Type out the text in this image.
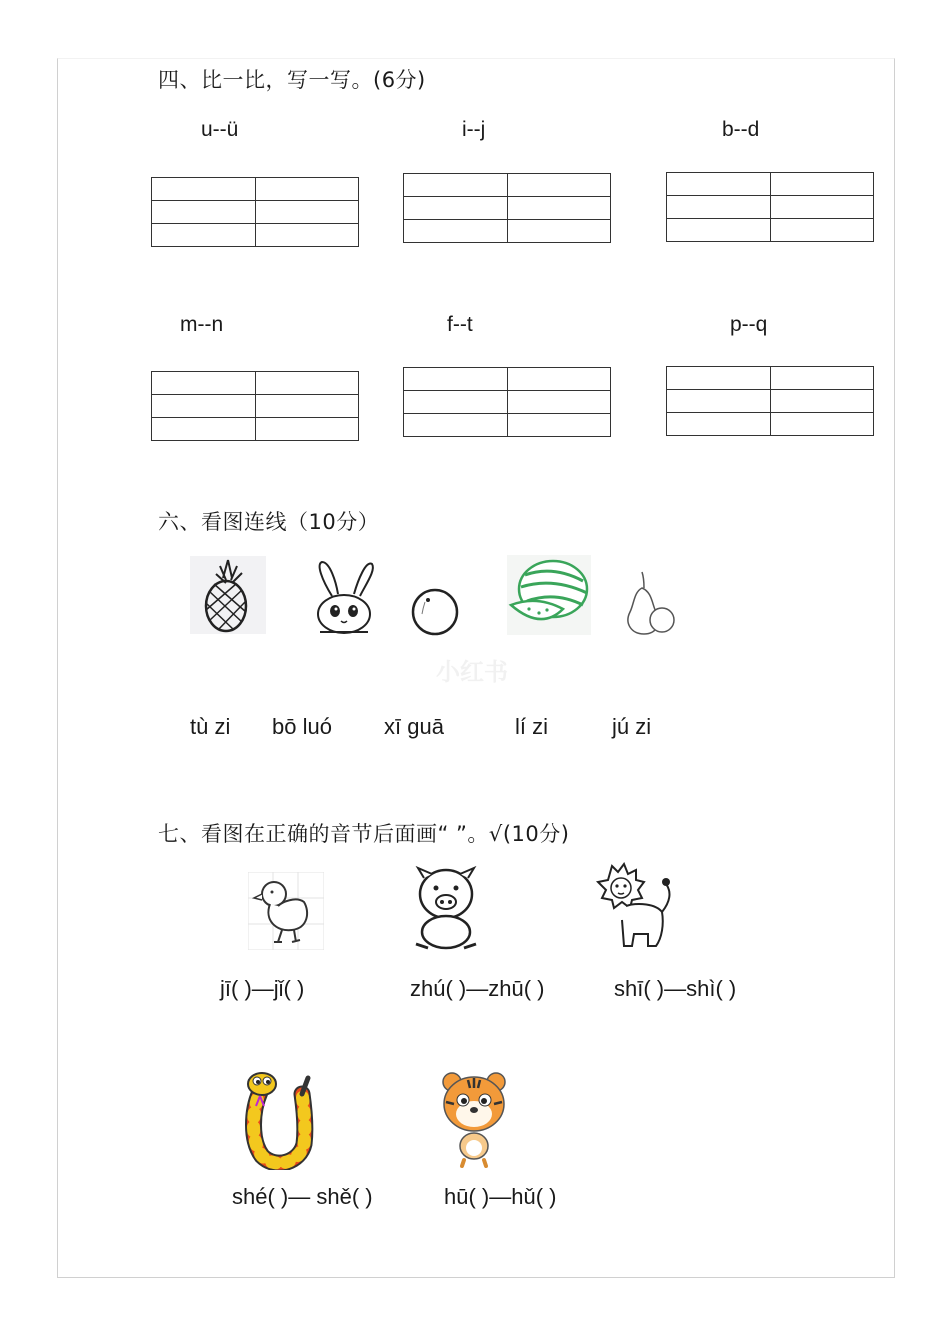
四、比一比，写一写。(6分)
u--ü	i--j	b--d
m--n	f--t	p--q
六、看图连线（10分）
小红书
tù zi bō luó xī guā	lí zi	jú zi
七、看图在正确的音节后面画“ ”。√(10分)
jī( )—jǐ( )	zhú( )—zhū( )	shī( )—shì( )
shé( )— shě( )	hū( )—hǔ( )
